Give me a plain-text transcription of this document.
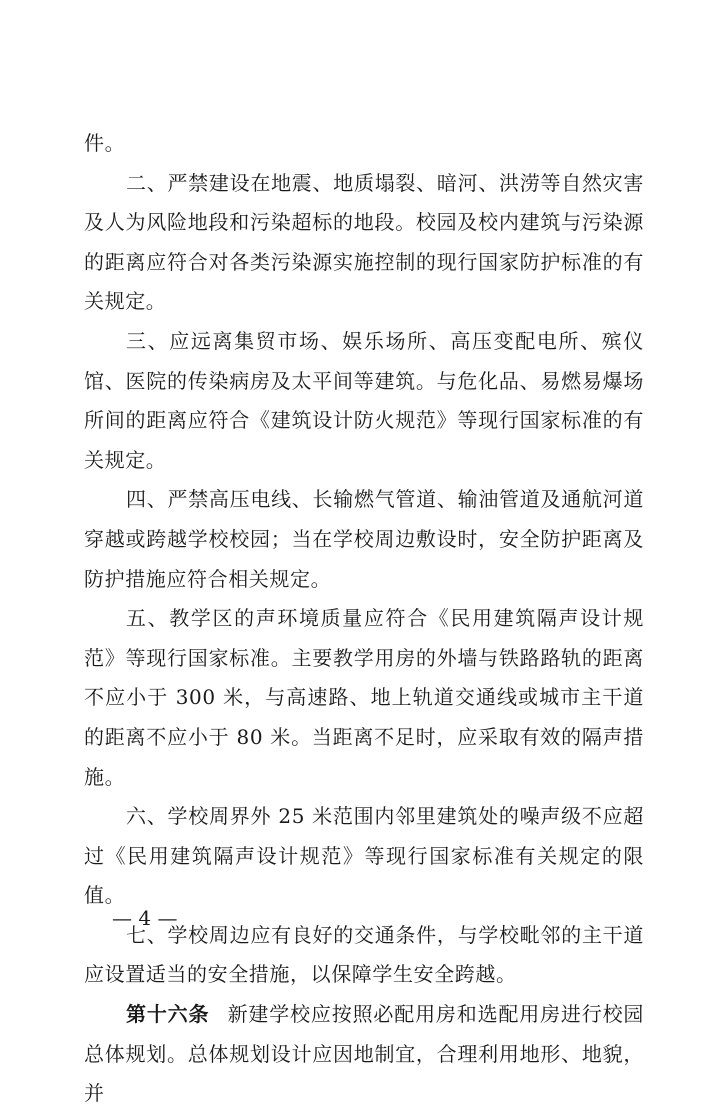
件。

二、严禁建设在地震、地质塌裂、暗河、洪涝等自然灾害及人为风险地段和污染超标的地段。校园及校内建筑与污染源的距离应符合对各类污染源实施控制的现行国家防护标准的有关规定。

三、应远离集贸市场、娱乐场所、高压变配电所、殡仪馆、医院的传染病房及太平间等建筑。与危化品、易燃易爆场所间的距离应符合《建筑设计防火规范》等现行国家标准的有关规定。

四、严禁高压电线、长输燃气管道、输油管道及通航河道穿越或跨越学校校园；当在学校周边敷设时，安全防护距离及防护措施应符合相关规定。

五、教学区的声环境质量应符合《民用建筑隔声设计规范》等现行国家标准。主要教学用房的外墙与铁路路轨的距离不应小于 300 米，与高速路、地上轨道交通线或城市主干道的距离不应小于 80 米。当距离不足时，应采取有效的隔声措施。

六、学校周界外 25 米范围内邻里建筑处的噪声级不应超过《民用建筑隔声设计规范》等现行国家标准有关规定的限值。

七、学校周边应有良好的交通条件，与学校毗邻的主干道应设置适当的安全措施，以保障学生安全跨越。

第十六条 新建学校应按照必配用房和选配用房进行校园总体规划。总体规划设计应因地制宜，合理利用地形、地貌，并

— 4 —
